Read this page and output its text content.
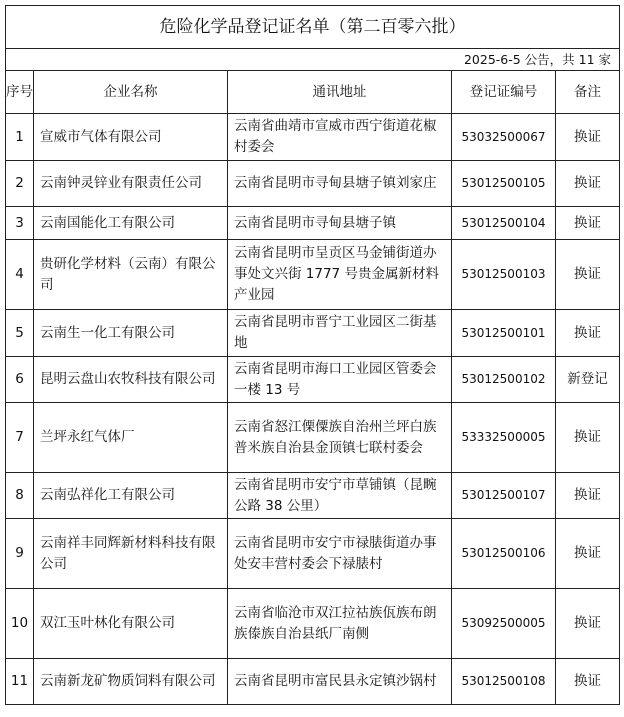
危险化学品登记证名单（第二百零六批）				
2025-6-5 公告，共 11 家				
序号	企业名称	通讯地址	登记证编号	备注
1	宣威市气体有限公司	云南省曲靖市宣威市西宁街道花椒村委会	53032500067	换证
2	云南钟灵锌业有限责任公司	云南省昆明市寻甸县塘子镇刘家庄	53012500105	换证
3	云南国能化工有限公司	云南省昆明市寻甸县塘子镇	53012500104	换证
4	贵研化学材料（云南）有限公司	云南省昆明市呈贡区马金铺街道办事处文兴街 1777 号贵金属新材料产业园	53012500103	换证
5	云南生一化工有限公司	云南省昆明市晋宁工业园区二街基地	53012500101	换证
6	昆明云盘山农牧科技有限公司	云南省昆明市海口工业园区管委会一楼 13 号	53012500102	新登记
7	兰坪永红气体厂	云南省怒江傈僳族自治州兰坪白族普米族自治县金顶镇七联村委会	53332500005	换证
8	云南弘祥化工有限公司	云南省昆明市安宁市草铺镇（昆畹公路 38 公里）	53012500107	换证
9	云南祥丰同辉新材料科技有限公司	云南省昆明市安宁市禄脿街道办事处安丰营村委会下禄脿村	53012500106	换证
10	双江玉叶林化有限公司	云南省临沧市双江拉祜族佤族布朗族傣族自治县纸厂南侧	53092500005	换证
11	云南新龙矿物质饲料有限公司	云南省昆明市富民县永定镇沙锅村	53012500108	换证
